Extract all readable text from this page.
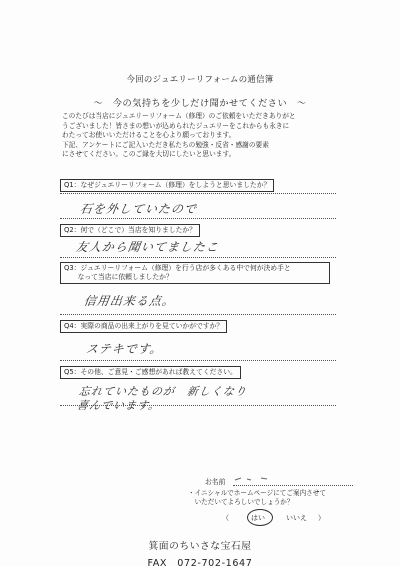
今回のジュエリーリフォームの通信簿
～　今の気持ちを少しだけ聞かせてください　～

このたびは当店にジュエリーリフォーム（修理）のご依頼をいただきありがと

うございました！皆さまの想いが込められたジュエリーをこれからも永きに

わたってお使いいただけることを心より願っております。

下記、アンケートにご記入いただき私たちの勉強・反省・感謝の要素

にさせてください。このご縁を大切にしたいと思います。

Q1：なぜジュエリーリフォーム（修理）をしようと思いましたか？
石を外していたので
Q2：何で（どこで）当店を知りましたか？
友人から聞いてましたこ
Q3：ジュエリーリフォーム（修理）を行う店が多くある中で何が決め手と
　　なって当店に依頼しましたか？
信用出来る点。
Q4：実際の商品の出来上がりを見ていかがですか？
ステキです。
Q5：その他、ご意見・ご感想があれば教えてください。
忘れていたものが　新しくなり
喜んでいます。
お名前

・イニシャルでホームページにてご案内させて
　いただいてよろしいでしょうか？

（	はい	いいえ ）
箕面のちいさな宝石屋
FAX　072-702-1647
